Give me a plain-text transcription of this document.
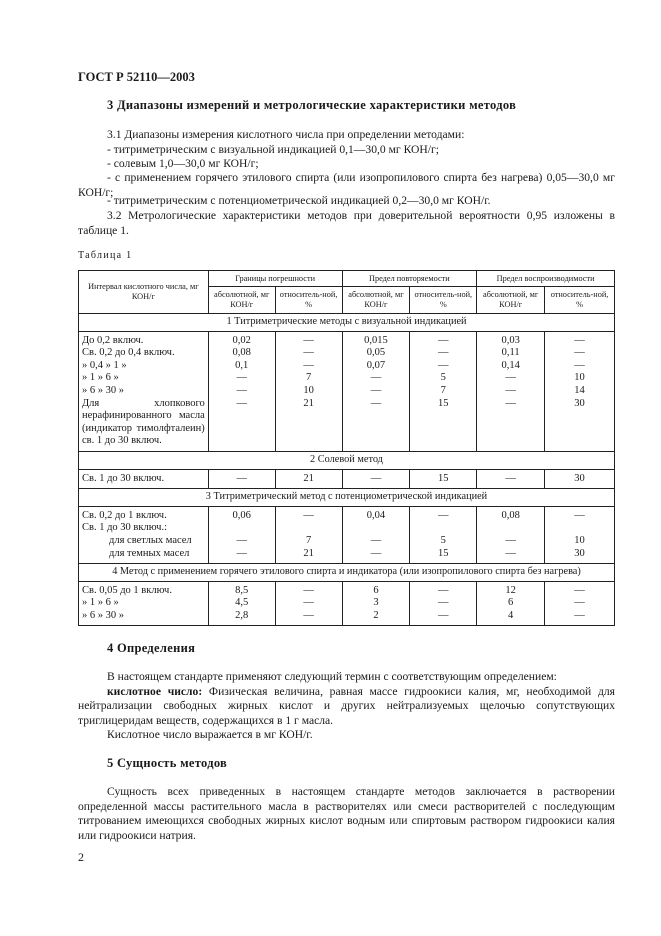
ГОСТ Р 52110—2003
3 Диапазоны измерений и метрологические характеристики методов
3.1 Диапазоны измерения кислотного числа при определении методами:
- титриметрическим с визуальной индикацией 0,1—30,0 мг КОН/г;
- солевым 1,0—30,0 мг КОН/г;
- с применением горячего этилового спирта (или изопропилового спирта без нагрева) 0,05—30,0 мг КОН/г;
- титриметрическим с потенциометрической индикацией 0,2—30,0 мг КОН/г.
3.2 Метрологические характеристики методов при доверительной вероятности 0,95 изложены в таблице 1.
Таблица 1
Интервал кислотного числа, мг КОН/г	Границы погрешности		Предел повторяемости		Предел воспроизводимости	
	абсолютной, мг КОН/г	относитель-ной, %	абсолютной, мг КОН/г	относитель-ной, %	абсолютной, мг КОН/г	относитель-ной, %
1 Титриметрические методы с визуальной индикацией						
До 0,2 включ.	0,02	—	0,015	—	0,03	—
Св. 0,2 до 0,4 включ.	0,08	—	0,05	—	0,11	—
» 0,4 » 1 »	0,1	—	0,07	—	0,14	—
» 1 » 6 »	—	7	—	5	—	10
» 6 » 30 »	—	10	—	7	—	14
Для хлопкового нерафинированного масла (индикатор тимолфталеин) св. 1 до 30 включ.	—	21	—	15	—	30
2 Солевой метод						
Св. 1 до 30 включ.	—	21	—	15	—	30
3 Титриметрический метод с потенциометрической индикацией						
Св. 0,2 до 1 включ.	0,06	—	0,04	—	0,08	—
Св. 1 до 30 включ.:						
для светлых масел	—	7	—	5	—	10
для темных масел	—	21	—	15	—	30
4 Метод с применением горячего этилового спирта и индикатора (или изопропилового спирта без нагрева)						
Св. 0,05 до 1 включ.	8,5	—	6	—	12	—
» 1 » 6 »	4,5	—	3	—	6	—
» 6 » 30 »	2,8	—	2	—	4	—
4 Определения
В настоящем стандарте применяют следующий термин с соответствующим определением:
кислотное число: Физическая величина, равная массе гидроокиси калия, мг, необходимой для нейтрализации свободных жирных кислот и других нейтрализуемых щелочью сопутствующих триглицеридам веществ, содержащихся в 1 г масла.
Кислотное число выражается в мг КОН/г.
5 Сущность методов
Сущность всех приведенных в настоящем стандарте методов заключается в растворении определенной массы растительного масла в растворителях или смеси растворителей с последующим титрованием имеющихся свободных жирных кислот водным или спиртовым раствором гидроокиси калия или гидроокиси натрия.
2
